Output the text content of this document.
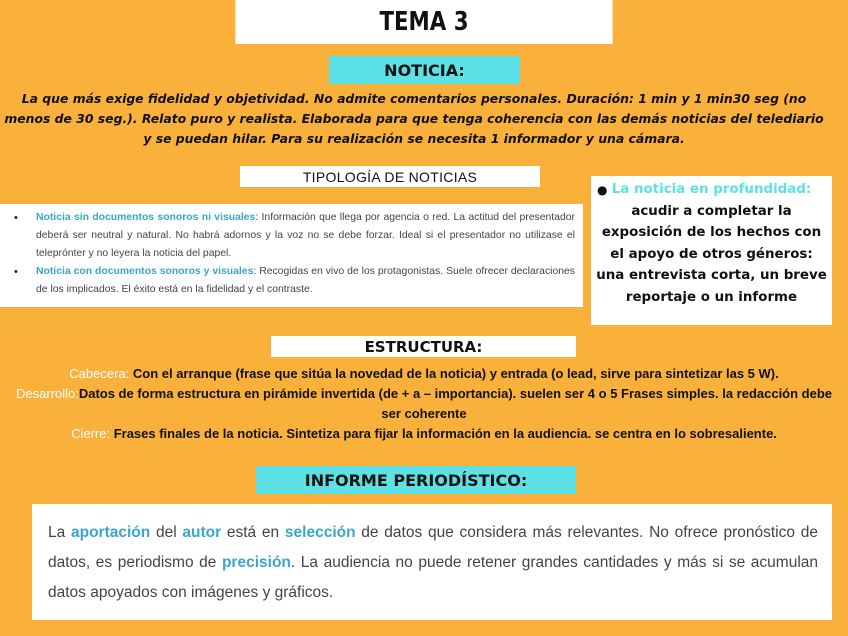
TEMA 3
NOTICIA:
La que más exige fidelidad y objetividad. No admite comentarios personales. Duración: 1 min y 1 min30 seg (no menos de 30 seg.). Relato puro y realista. Elaborada para que tenga coherencia con las demás noticias del telediario y se puedan hilar. Para su realización se necesita 1 informador y una cámara.
TIPOLOGÍA DE NOTICIAS
• Noticia sin documentos sonoros ni visuales: Información que llega por agencia o red. La actitud del presentador deberá ser neutral y natural. No habrá adornos y la voz no se debe forzar. Ideal si el presentador no utilizase el teleprónter y no leyera la noticia del papel.
• Noticia con documentos sonoros y visuales: Recogidas en vivo de los protagonistas. Suele ofrecer declaraciones de los implicados. El éxito está en la fidelidad y el contraste.
● La noticia en profundidad: acudir a completar la exposición de los hechos con el apoyo de otros géneros: una entrevista corta, un breve reportaje o un informe
ESTRUCTURA:
Cabecera: Con el arranque (frase que sitúa la novedad de la noticia) y entrada (o lead, sirve para sintetizar las 5 W).
Desarrollo:Datos de forma estructura en pirámide invertida (de + a – importancia). suelen ser 4 o 5 Frases simples. la redacción debe ser coherente
Cierre: Frases finales de la noticia. Sintetiza para fijar la información en la audiencia. se centra en lo sobresaliente.
INFORME PERIODÍSTICO:
La aportación del autor está en selección de datos que considera más relevantes. No ofrece pronóstico de datos, es periodismo de precisión. La audiencia no puede retener grandes cantidades y más si se acumulan datos apoyados con imágenes y gráficos.
